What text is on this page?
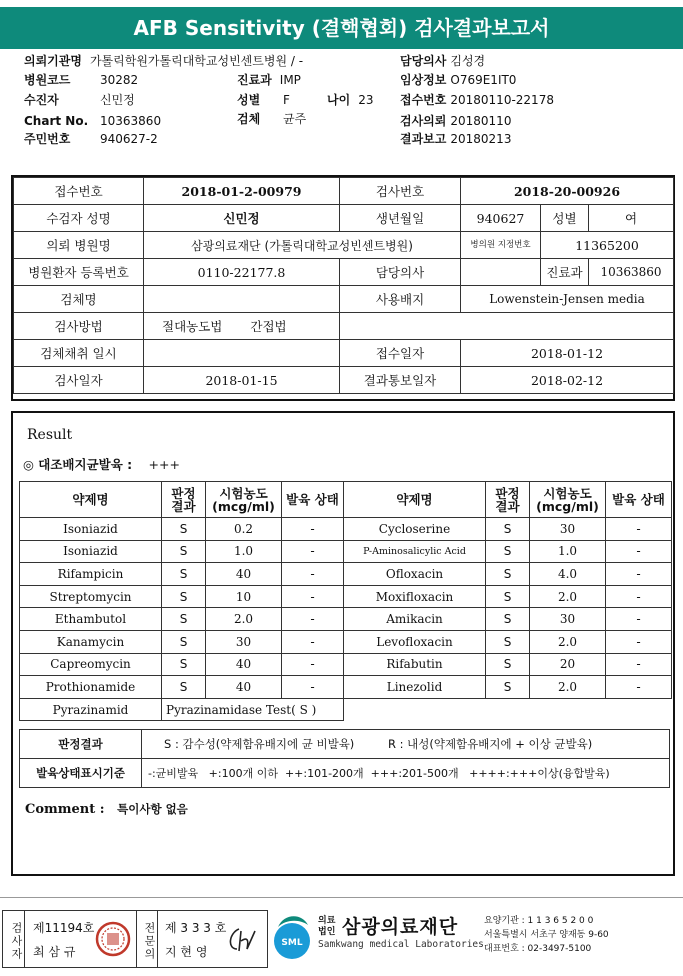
AFB Sensitivity (결핵협회) 검사결과보고서
의뢰기관명 가톨릭학원가톨릭대학교성빈센트병원 / -
병원코드 30282	진료과 IMP
수진자	신민정	성별 F	나이 23
Chart No. 10363860	검체 균주
주민번호 940627-2
담당의사 김성경
임상정보 O769E1IT0
접수번호 20180110-22178
검사의뢰 20180110
결과보고 20180213
접수번호	2018-01-2-00979	검사번호	2018-20-00926		
수검자 성명	신민정	생년월일	940627	성별	여
의뢰 병원명	삼광의료재단 (가톨릭대학교성빈센트병원)		병의원 지정번호	11365200	
병원환자 등록번호	0110-22177.8	담당의사		진료과	10363860
검체명		사용배지	Lowenstein-Jensen media		
검사방법	절대농도법 간접법				
검체채취 일시		접수일자	2018-01-12		
검사일자	2018-01-15	결과통보일자	2018-02-12		
Result
◎ 대조배지균발육 : +++
약제명	판정 결과	시험농도 (mcg/ml)	발육 상태	약제명	판정 결과	시험농도 (mcg/ml)	발육 상태
Isoniazid	S	0.2	-	Cycloserine	S	30	-
Isoniazid	S	1.0	-	P-Aminosalicylic Acid	S	1.0	-
Rifampicin	S	40	-	Ofloxacin	S	4.0	-
Streptomycin	S	10	-	Moxifloxacin	S	2.0	-
Ethambutol	S	2.0	-	Amikacin	S	30	-
Kanamycin	S	30	-	Levofloxacin	S	2.0	-
Capreomycin	S	40	-	Rifabutin	S	20	-
Prothionamide	S	40	-	Linezolid	S	2.0	-
Pyrazinamid	Pyrazinamidase Test( S )						
판정결과	S : 감수성(약제함유배지에 균 비발육) R : 내성(약제함유배지에 + 이상 균발육)
발육상태표시기준	-:균비발육   +:100개 이하  ++:101-200개  +++:201-500개   ++++:+++이상(융합발육)
Comment : 특이사항 없음
검사자 제11194호
최 삼 규	전문의 제 3 3 3 호
지 현 영
SML
의료
법인 삼광의료재단
Samkwang medical Laboratories
요양기관 : 1 1 3 6 5 2 0 0
서울특별시 서초구 양재동 9-60
대표번호 : 02-3497-5100
